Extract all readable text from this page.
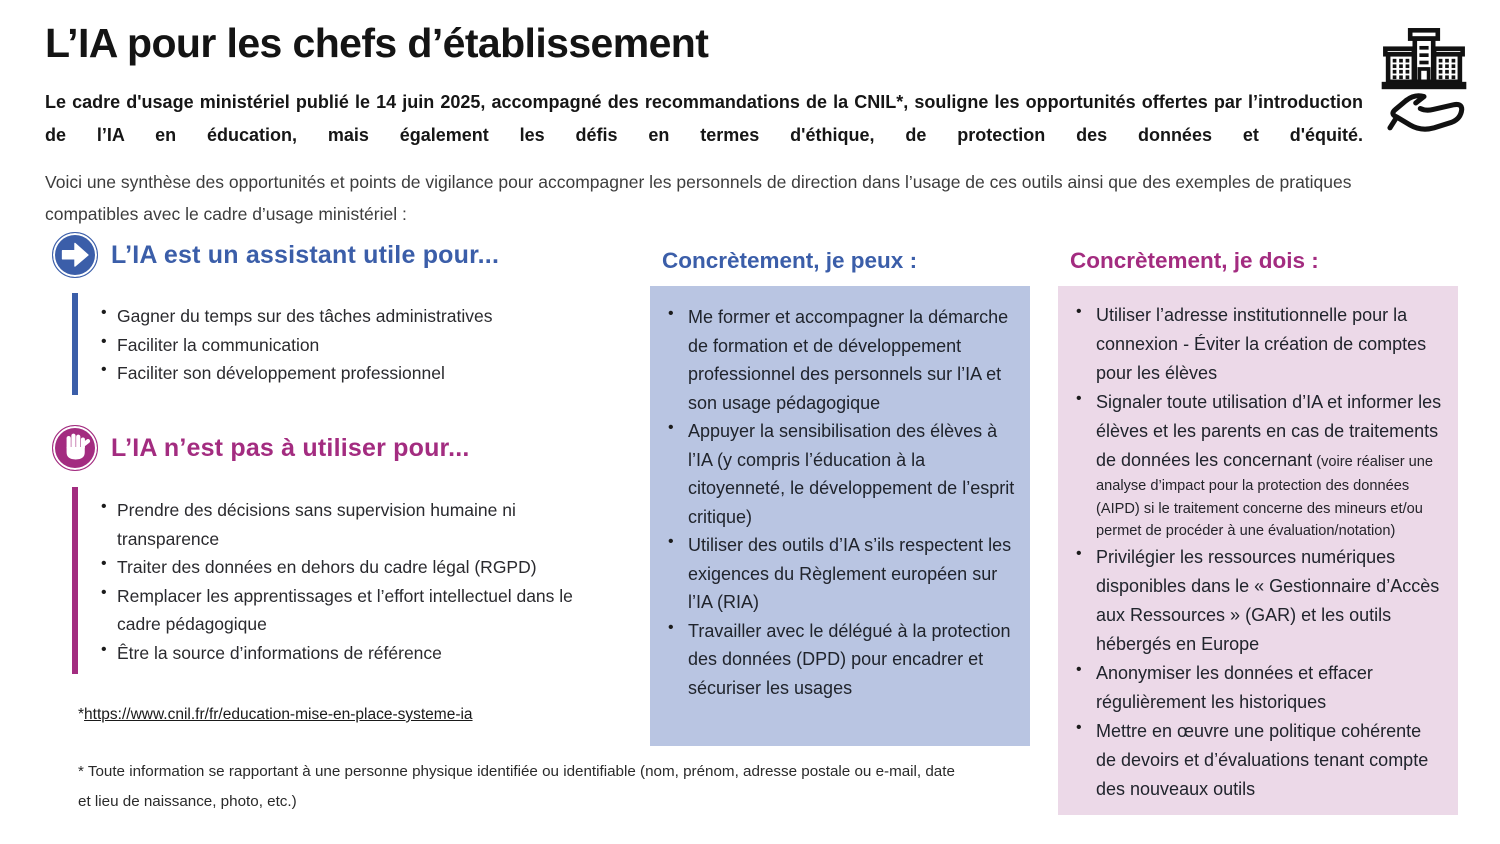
L’IA pour les chefs d’établissement

Le cadre d'usage ministériel publié le 14 juin 2025, accompagné des recommandations de la CNIL*, souligne les opportunités offertes par l’introduction de l’IA en éducation, mais également les défis en termes d'éthique, de protection des données et d'équité.

Voici une synthèse des opportunités et points de vigilance pour accompagner les personnels de direction dans l’usage de ces outils ainsi que des exemples de pratiques compatibles avec le cadre d’usage ministériel :

L’IA est un assistant utile pour...
• Gagner du temps sur des tâches administratives
• Faciliter la communication
• Faciliter son développement professionnel
L’IA n’est pas à utiliser pour...
• Prendre des décisions sans supervision humaine ni transparence
• Traiter des données en dehors du cadre légal (RGPD)
• Remplacer les apprentissages et l’effort intellectuel dans le cadre pédagogique
• Être la source d’informations de référence
Concrètement, je peux :
• Me former et accompagner la démarche de formation et de développement professionnel des personnels sur l’IA et son usage pédagogique
• Appuyer la sensibilisation des élèves à l’IA (y compris l’éducation à la citoyenneté, le développement de l’esprit critique)
• Utiliser des outils d’IA s’ils respectent les exigences du Règlement européen sur l’IA (RIA)
• Travailler avec le délégué à la protection des données (DPD) pour encadrer et sécuriser les usages
Concrètement, je dois :
• Utiliser l’adresse institutionnelle pour la connexion - Éviter la création de comptes pour les élèves
• Signaler toute utilisation d’IA et informer les élèves et les parents en cas de traitements de données les concernant (voire réaliser une analyse d’impact pour la protection des données (AIPD) si le traitement concerne des mineurs et/ou permet de procéder à une évaluation/notation)
• Privilégier les ressources numériques disponibles dans le « Gestionnaire d’Accès aux Ressources » (GAR) et les outils hébergés en Europe
• Anonymiser les données et effacer régulièrement les historiques
• Mettre en œuvre une politique cohérente de devoirs et d’évaluations tenant compte des nouveaux outils
*https://www.cnil.fr/fr/education-mise-en-place-systeme-ia

* Toute information se rapportant à une personne physique identifiée ou identifiable (nom, prénom, adresse postale ou e-mail, date et lieu de naissance, photo, etc.)
